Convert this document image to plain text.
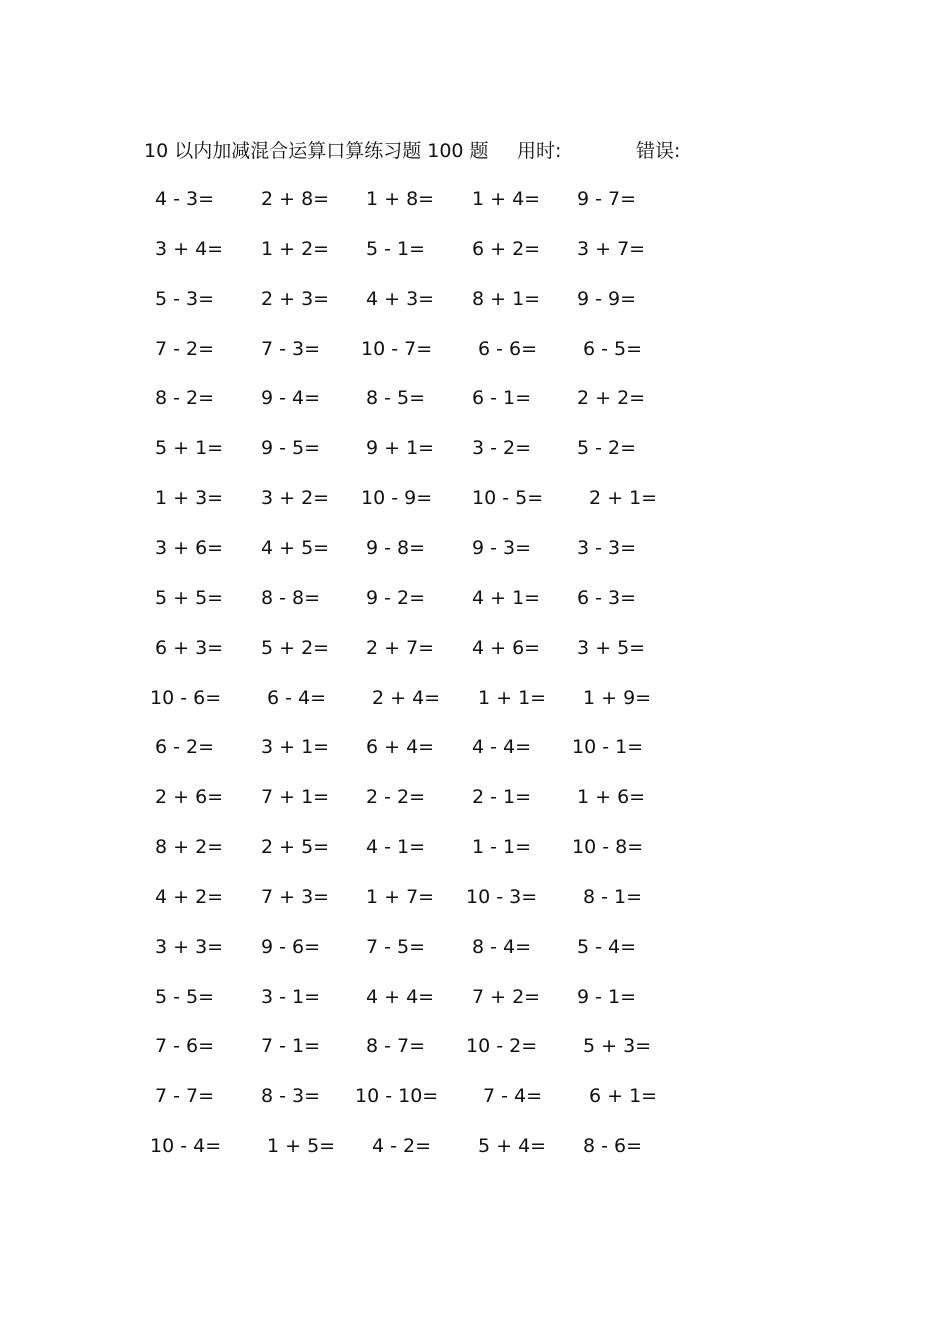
10 以内加减混合运算口算练习题 100 题 用时:	错误:
4 - 3= 2 + 8= 1 + 8= 1 + 4= 9 - 7=
3 + 4= 1 + 2= 5 - 1= 6 + 2= 3 + 7=
5 - 3= 2 + 3= 4 + 3= 8 + 1= 9 - 9=
7 - 2= 7 - 3= 10 - 7= 6 - 6= 6 - 5=
8 - 2= 9 - 4= 8 - 5= 6 - 1= 2 + 2=
5 + 1= 9 - 5= 9 + 1= 3 - 2= 5 - 2=
1 + 3= 3 + 2= 10 - 9= 10 - 5= 2 + 1=
3 + 6= 4 + 5= 9 - 8= 9 - 3= 3 - 3=
5 + 5= 8 - 8= 9 - 2= 4 + 1= 6 - 3=
6 + 3= 5 + 2= 2 + 7= 4 + 6= 3 + 5=
10 - 6= 6 - 4= 2 + 4= 1 + 1= 1 + 9=
6 - 2= 3 + 1= 6 + 4= 4 - 4= 10 - 1=
2 + 6= 7 + 1= 2 - 2= 2 - 1= 1 + 6=
8 + 2= 2 + 5= 4 - 1= 1 - 1= 10 - 8=
4 + 2= 7 + 3= 1 + 7= 10 - 3= 8 - 1=
3 + 3= 9 - 6= 7 - 5= 8 - 4= 5 - 4=
5 - 5= 3 - 1= 4 + 4= 7 + 2= 9 - 1=
7 - 6= 7 - 1= 8 - 7= 10 - 2= 5 + 3=
7 - 7= 8 - 3= 10 - 10= 7 - 4= 6 + 1=
10 - 4= 1 + 5= 4 - 2= 5 + 4= 8 - 6=
